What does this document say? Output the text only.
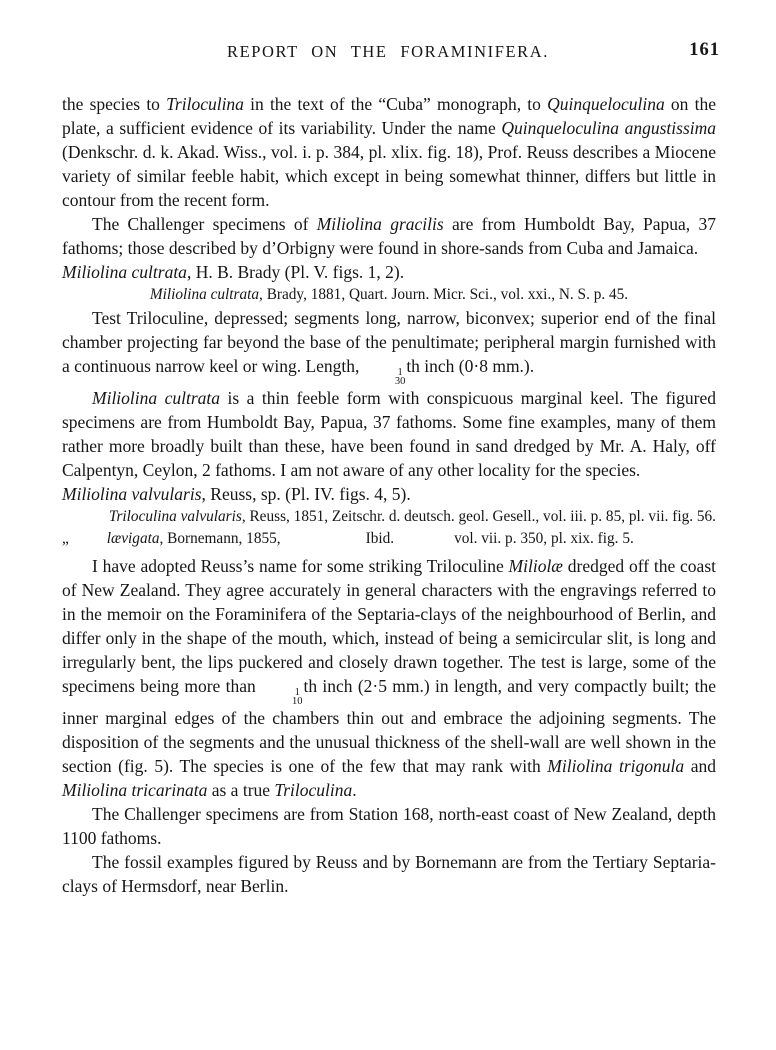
REPORT ON THE FORAMINIFERA.	161

the species to Triloculina in the text of the “Cuba” monograph, to Quinqueloculina on the plate, a sufficient evidence of its variability. Under the name Quinqueloculina angustissima (Denkschr. d. k. Akad. Wiss., vol. i. p. 384, pl. xlix. fig. 18), Prof. Reuss describes a Miocene variety of similar feeble habit, which except in being somewhat thinner, differs but little in contour from the recent form.

The Challenger specimens of Miliolina gracilis are from Humboldt Bay, Papua, 37 fathoms; those described by d’Orbigny were found in shore-sands from Cuba and Jamaica.

Miliolina cultrata, H. B. Brady (Pl. V. figs. 1, 2).

Miliolina cultrata, Brady, 1881, Quart. Journ. Micr. Sci., vol. xxi., N. S. p. 45.

Test Triloculine, depressed; segments long, narrow, biconvex; superior end of the final chamber projecting far beyond the base of the penultimate; peripheral margin furnished with a continuous narrow keel or wing. Length,	1
30
th inch (0·8 mm.).

Miliolina cultrata is a thin feeble form with conspicuous marginal keel. The figured specimens are from Humboldt Bay, Papua, 37 fathoms. Some fine examples, many of them rather more broadly built than these, have been found in sand dredged by Mr. A. Haly, off Calpentyn, Ceylon, 2 fathoms. I am not aware of any other locality for the species.

Miliolina valvularis, Reuss, sp. (Pl. IV. figs. 4, 5).

Triloculina valvularis, Reuss, 1851, Zeitschr. d. deutsch. geol. Gesell., vol. iii. p. 85, pl. vii. fig. 56.

„ lævigata, Bornemann, 1855,	Ibid.	vol. vii. p. 350, pl. xix. fig. 5.

I have adopted Reuss’s name for some striking Triloculine Miliolæ dredged off the coast of New Zealand. They agree accurately in general characters with the engravings referred to in the memoir on the Foraminifera of the Septaria-clays of the neighbourhood of Berlin, and differ only in the shape of the mouth, which, instead of being a semicircular slit, is long and irregularly bent, the lips puckered and closely drawn together. The test is large, some of the specimens being more than	1
10
th inch (2·5 mm.) in length, and very compactly built; the inner marginal edges of the chambers thin out and embrace the adjoining segments. The disposition of the segments and the unusual thickness of the shell-wall are well shown in the section (fig. 5). The species is one of the few that may rank with Miliolina trigonula and Miliolina tricarinata as a true Triloculina.

The Challenger specimens are from Station 168, north-east coast of New Zealand, depth 1100 fathoms.

The fossil examples figured by Reuss and by Bornemann are from the Tertiary Septaria-clays of Hermsdorf, near Berlin.
